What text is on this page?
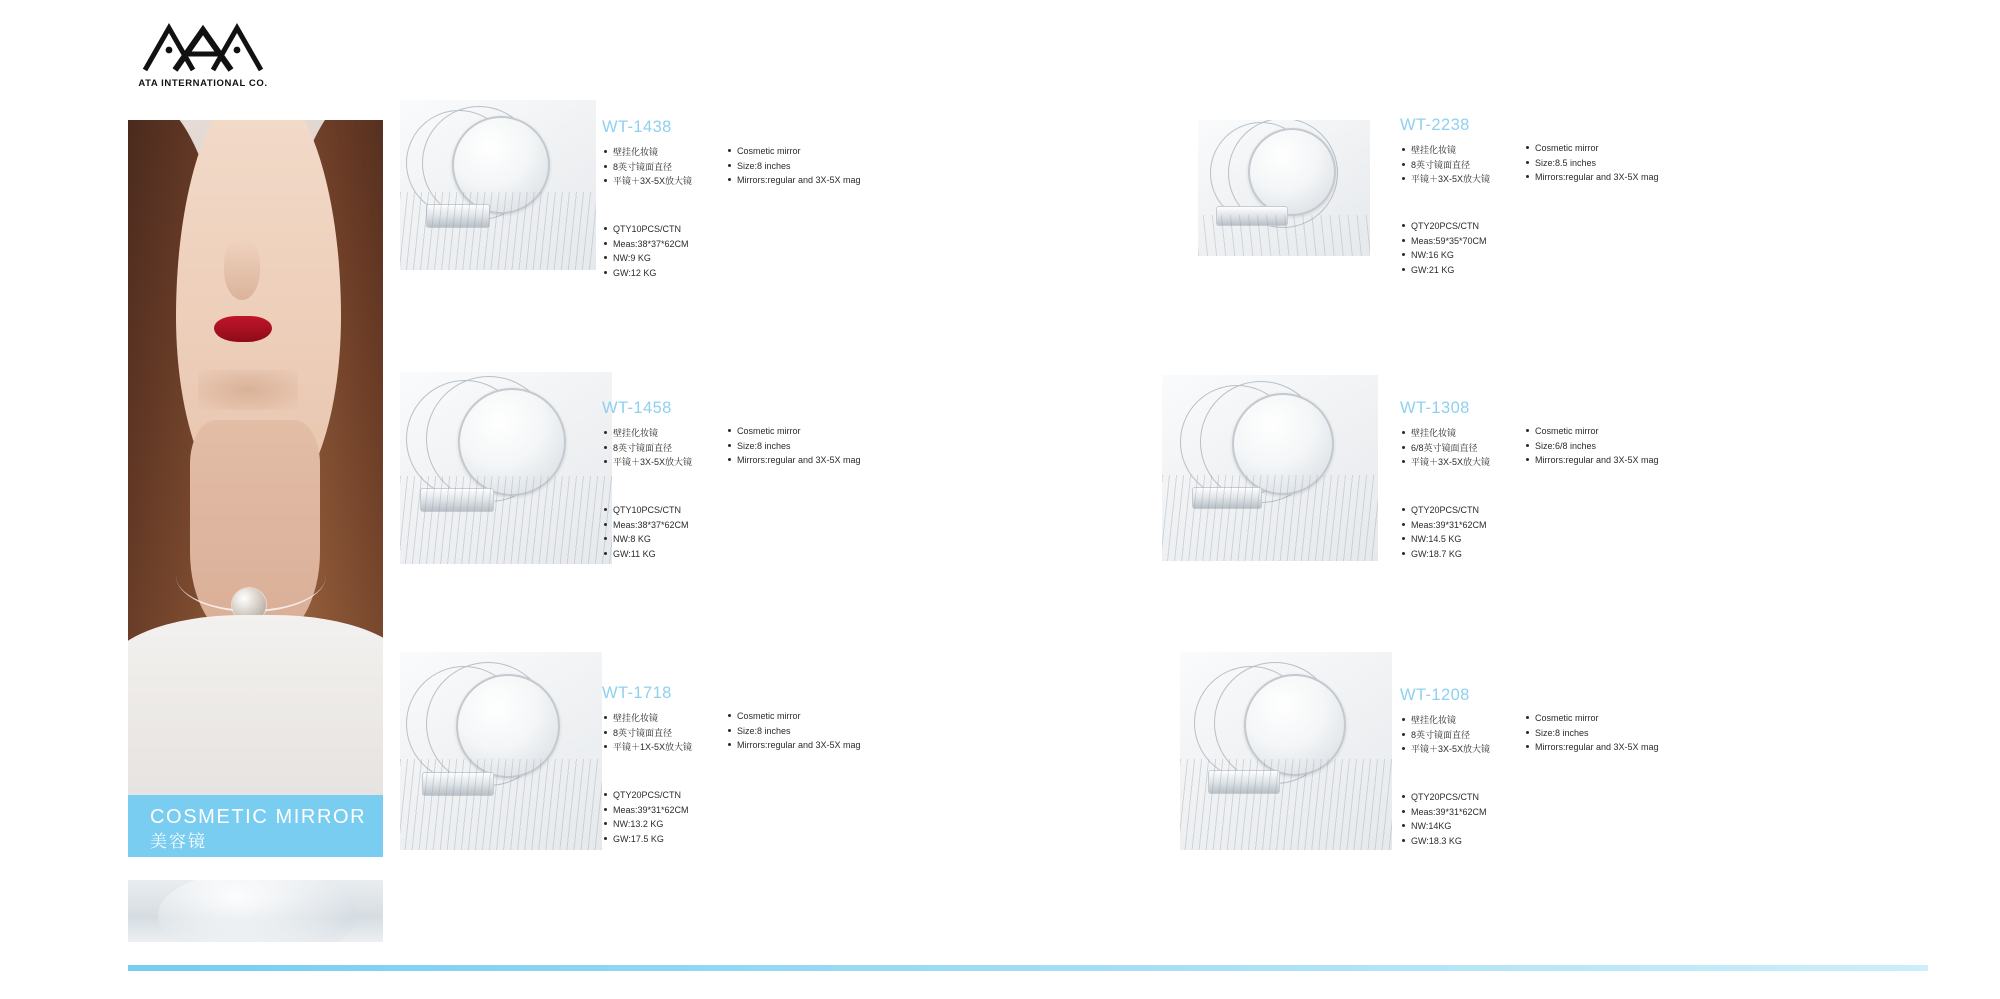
ATA INTERNATIONAL CO.
COSMETIC MIRROR
美容镜
WT-1438
壁挂化妆镜
8英寸镜面直径
平镜＋3X-5X放大镜
Cosmetic mirror
Size:8 inches
Mirrors:regular and 3X-5X mag
QTY10PCS/CTN
Meas:38*37*62CM
NW:9 KG
GW:12 KG
WT-2238
壁挂化妆镜
8英寸镜面直径
平镜＋3X-5X放大镜
Cosmetic mirror
Size:8.5 inches
Mirrors:regular and 3X-5X mag
QTY20PCS/CTN
Meas:59*35*70CM
NW:16 KG
GW:21 KG
WT-1458
壁挂化妆镜
8英寸镜面直径
平镜＋3X-5X放大镜
Cosmetic mirror
Size:8 inches
Mirrors:regular and 3X-5X mag
QTY10PCS/CTN
Meas:38*37*62CM
NW:8 KG
GW:11 KG
WT-1308
壁挂化妆镜
6/8英寸镜面直径
平镜＋3X-5X放大镜
Cosmetic mirror
Size:6/8 inches
Mirrors:regular and 3X-5X mag
QTY20PCS/CTN
Meas:39*31*62CM
NW:14.5 KG
GW:18.7 KG
WT-1718
壁挂化妆镜
8英寸镜面直径
平镜＋1X-5X放大镜
Cosmetic mirror
Size:8 inches
Mirrors:regular and 3X-5X mag
QTY20PCS/CTN
Meas:39*31*62CM
NW:13.2 KG
GW:17.5 KG
WT-1208
壁挂化妆镜
8英寸镜面直径
平镜＋3X-5X放大镜
Cosmetic mirror
Size:8 inches
Mirrors:regular and 3X-5X mag
QTY20PCS/CTN
Meas:39*31*62CM
NW:14KG
GW:18.3 KG
